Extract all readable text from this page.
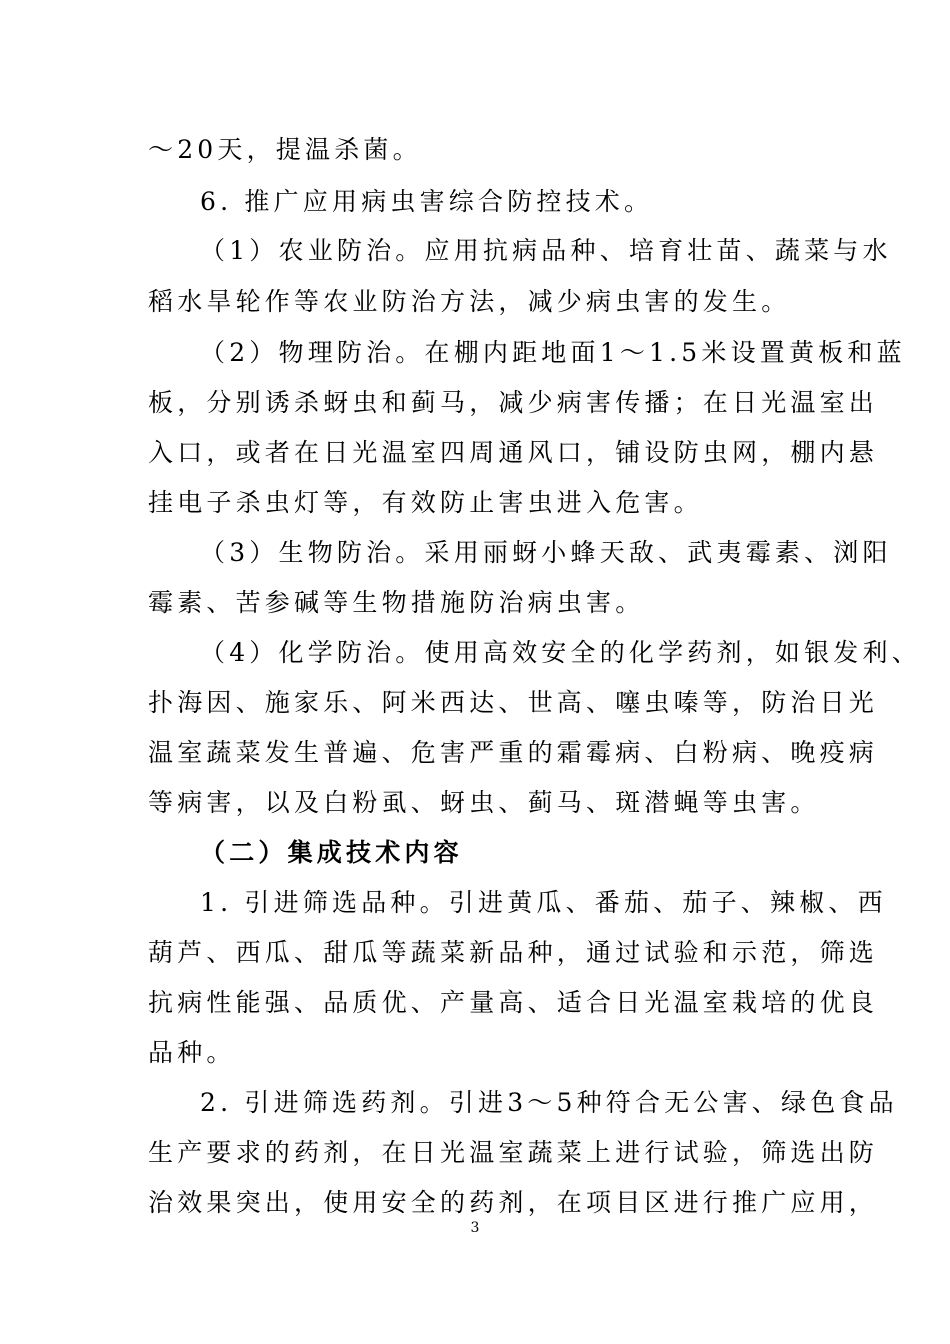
～20天，提温杀菌。
6. 推广应用病虫害综合防控技术。
（1）农业防治。应用抗病品种、培育壮苗、蔬菜与水
稻水旱轮作等农业防治方法，减少病虫害的发生。
（2）物理防治。在棚内距地面1～1.5米设置黄板和蓝
板，分别诱杀蚜虫和蓟马，减少病害传播；在日光温室出
入口，或者在日光温室四周通风口，铺设防虫网，棚内悬
挂电子杀虫灯等，有效防止害虫进入危害。
（3）生物防治。采用丽蚜小蜂天敌、武夷霉素、浏阳
霉素、苦参碱等生物措施防治病虫害。
（4）化学防治。使用高效安全的化学药剂，如银发利、
扑海因、施家乐、阿米西达、世高、噻虫嗪等，防治日光
温室蔬菜发生普遍、危害严重的霜霉病、白粉病、晚疫病
等病害，以及白粉虱、蚜虫、蓟马、斑潜蝇等虫害。
（二）集成技术内容
1. 引进筛选品种。引进黄瓜、番茄、茄子、辣椒、西
葫芦、西瓜、甜瓜等蔬菜新品种，通过试验和示范，筛选
抗病性能强、品质优、产量高、适合日光温室栽培的优良
品种。
2. 引进筛选药剂。引进3～5种符合无公害、绿色食品
生产要求的药剂，在日光温室蔬菜上进行试验，筛选出防
治效果突出，使用安全的药剂，在项目区进行推广应用，
3
